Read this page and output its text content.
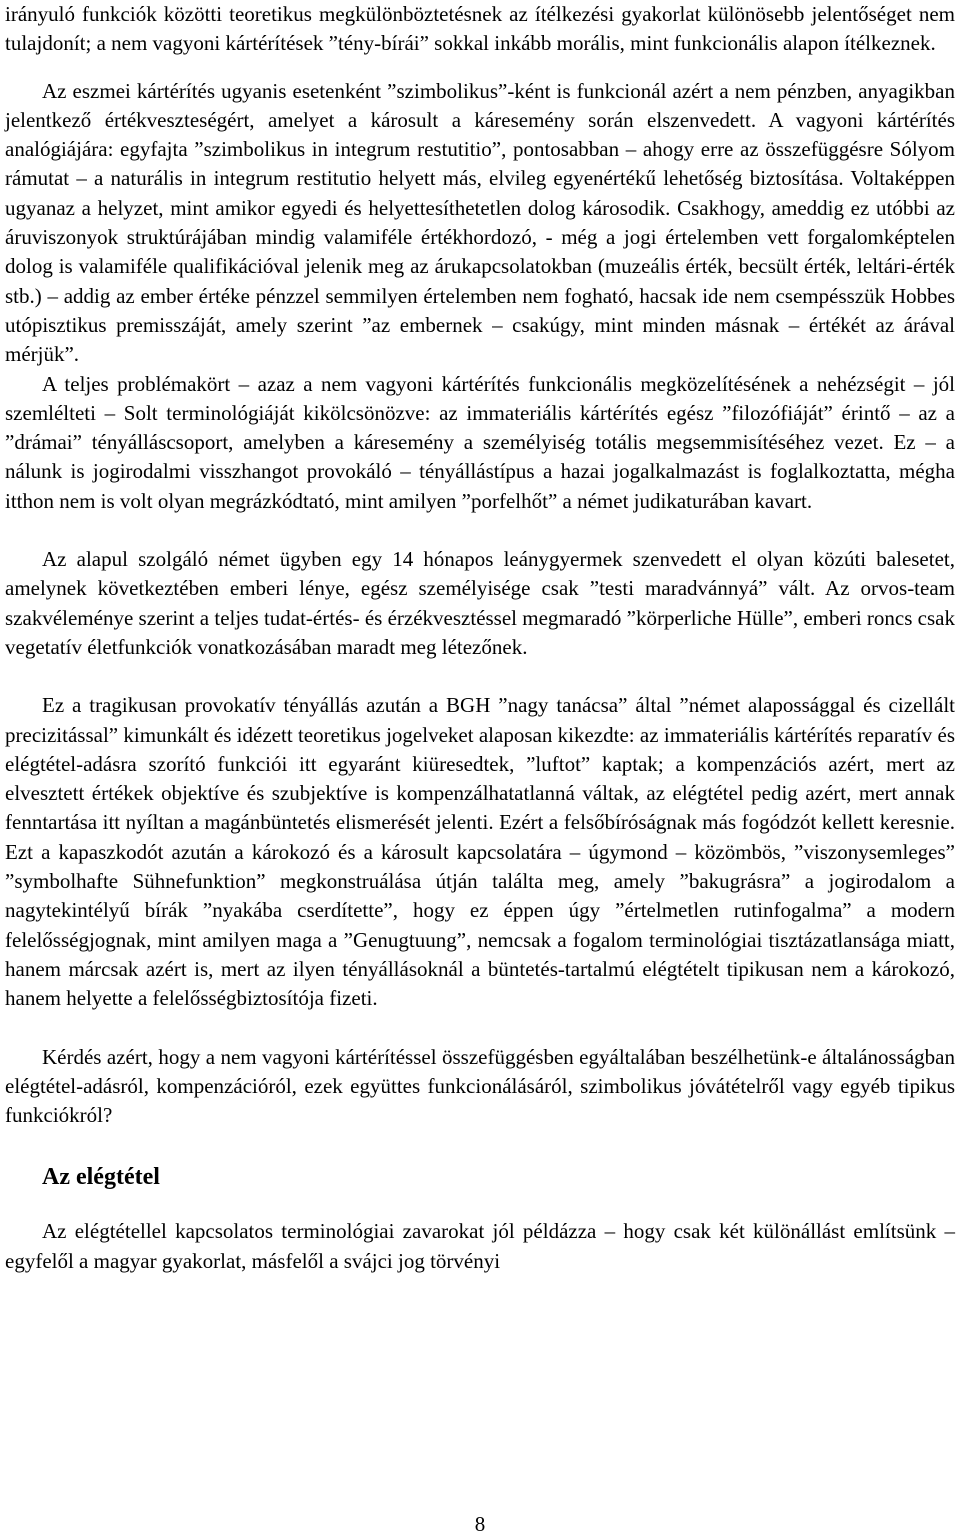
irányuló funkciók közötti teoretikus megkülönböztetésnek az ítélkezési gyakorlat különösebb jelentőséget nem tulajdonít; a nem vagyoni kártérítések ”tény-bírái” sokkal inkább morális, mint funkcionális alapon ítélkeznek.

Az eszmei kártérítés ugyanis esetenként ”szimbolikus”-ként is funkcionál azért a nem pénzben, anyagikban jelentkező értékveszteségért, amelyet a károsult a káresemény során elszenvedett. A vagyoni kártérítés analógiájára: egyfajta ”szimbolikus in integrum restutitio”, pontosabban – ahogy erre az összefüggésre Sólyom rámutat – a naturális in integrum restitutio helyett más, elvileg egyenértékű lehetőség biztosítása. Voltaképpen ugyanaz a helyzet, mint amikor egyedi és helyettesíthetetlen dolog károsodik. Csakhogy, ameddig ez utóbbi az áruviszonyok struktúrájában mindig valamiféle értékhordozó, - még a jogi értelemben vett forgalomképtelen dolog is valamiféle qualifikációval jelenik meg az árukapcsolatokban (muzeális érték, becsült érték, leltári-érték stb.) – addig az ember értéke pénzzel semmilyen értelemben nem fogható, hacsak ide nem csempésszük Hobbes utópisztikus premisszáját, amely szerint ”az embernek – csakúgy, mint minden másnak – értékét az árával mérjük”.

A teljes problémakört – azaz a nem vagyoni kártérítés funkcionális megközelítésének a nehézségit – jól szemlélteti – Solt terminológiáját kikölcsönözve: az immateriális kártérítés egész ”filozófiáját” érintő – az a ”drámai” tényálláscsoport, amelyben a káresemény a személyiség totális megsemmisítéséhez vezet. Ez – a nálunk is jogirodalmi visszhangot provokáló – tényállástípus a hazai jogalkalmazást is foglalkoztatta, mégha itthon nem is volt olyan megrázkódtató, mint amilyen ”porfelhőt” a német judikaturában kavart.

Az alapul szolgáló német ügyben egy 14 hónapos leánygyermek szenvedett el olyan közúti balesetet, amelynek következtében emberi lénye, egész személyisége csak ”testi maradvánnyá” vált. Az orvos-team szakvéleménye szerint a teljes tudat-értés- és érzékvesztéssel megmaradó ”körperliche Hülle”, emberi roncs csak vegetatív életfunkciók vonatkozásában maradt meg létezőnek.

Ez a tragikusan provokatív tényállás azután a BGH ”nagy tanácsa” által ”német alapossággal és cizellált precizitással” kimunkált és idézett teoretikus jogelveket alaposan kikezdte: az immateriális kártérítés reparatív és elégtétel-adásra szorító funkciói itt egyaránt kiüresedtek, ”luftot” kaptak; a kompenzációs azért, mert az elvesztett értékek objektíve és szubjektíve is kompenzálhatatlanná váltak, az elégtétel pedig azért, mert annak fenntartása itt nyíltan a magánbüntetés elismerését jelenti. Ezért a felsőbíróságnak más fogódzót kellett keresnie. Ezt a kapaszkodót azután a károkozó és a károsult kapcsolatára – úgymond – közömbös, ”viszonysemleges” ”symbolhafte Sühnefunktion” megkonstruálása útján találta meg, amely ”bakugrásra” a jogirodalom a nagytekintélyű bírák ”nyakába cserdítette”, hogy ez éppen úgy ”értelmetlen rutinfogalma” a modern felelősségjognak, mint amilyen maga a ”Genugtuung”, nemcsak a fogalom terminológiai tisztázatlansága miatt, hanem márcsak azért is, mert az ilyen tényállásoknál a büntetés-tartalmú elégtételt tipikusan nem a károkozó, hanem helyette a felelősségbiztosítója fizeti.

Kérdés azért, hogy a nem vagyoni kártérítéssel összefüggésben egyáltalában beszélhetünk-e általánosságban elégtétel-adásról, kompenzációról, ezek együttes funkcionálásáról, szimbolikus jóvátételről vagy egyéb tipikus funkciókról?

Az elégtétel

Az elégtétellel kapcsolatos terminológiai zavarokat jól példázza – hogy csak két különállást említsünk – egyfelől a magyar gyakorlat, másfelől a svájci jog törvényi

8
